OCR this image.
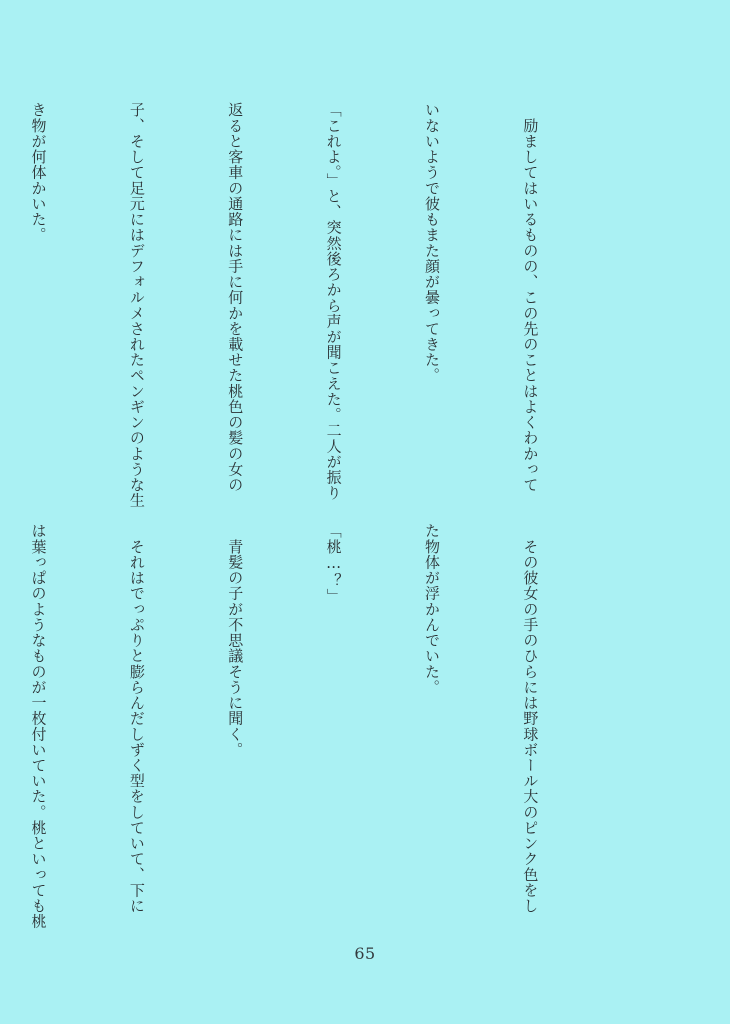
　励ましてはいるものの、この先のことはよくわかって

いないようで彼もまた顔が曇ってきた。

「これよ。」と、突然後ろから声が聞こえた。二人が振り

返ると客車の通路には手に何かを載せた桃色の髪の女の

子、そして足元にはデフォルメされたペンギンのような生

き物が何体かいた。

　その彼女の手のひらには野球ボール大のピンク色をし

た物体が浮かんでいた。

「桃…？」

　青髪の子が不思議そうに聞く。

　それはでっぷりと膨らんだしずく型をしていて、下に

は葉っぱのようなものが一枚付いていた。桃といっても桃

65
